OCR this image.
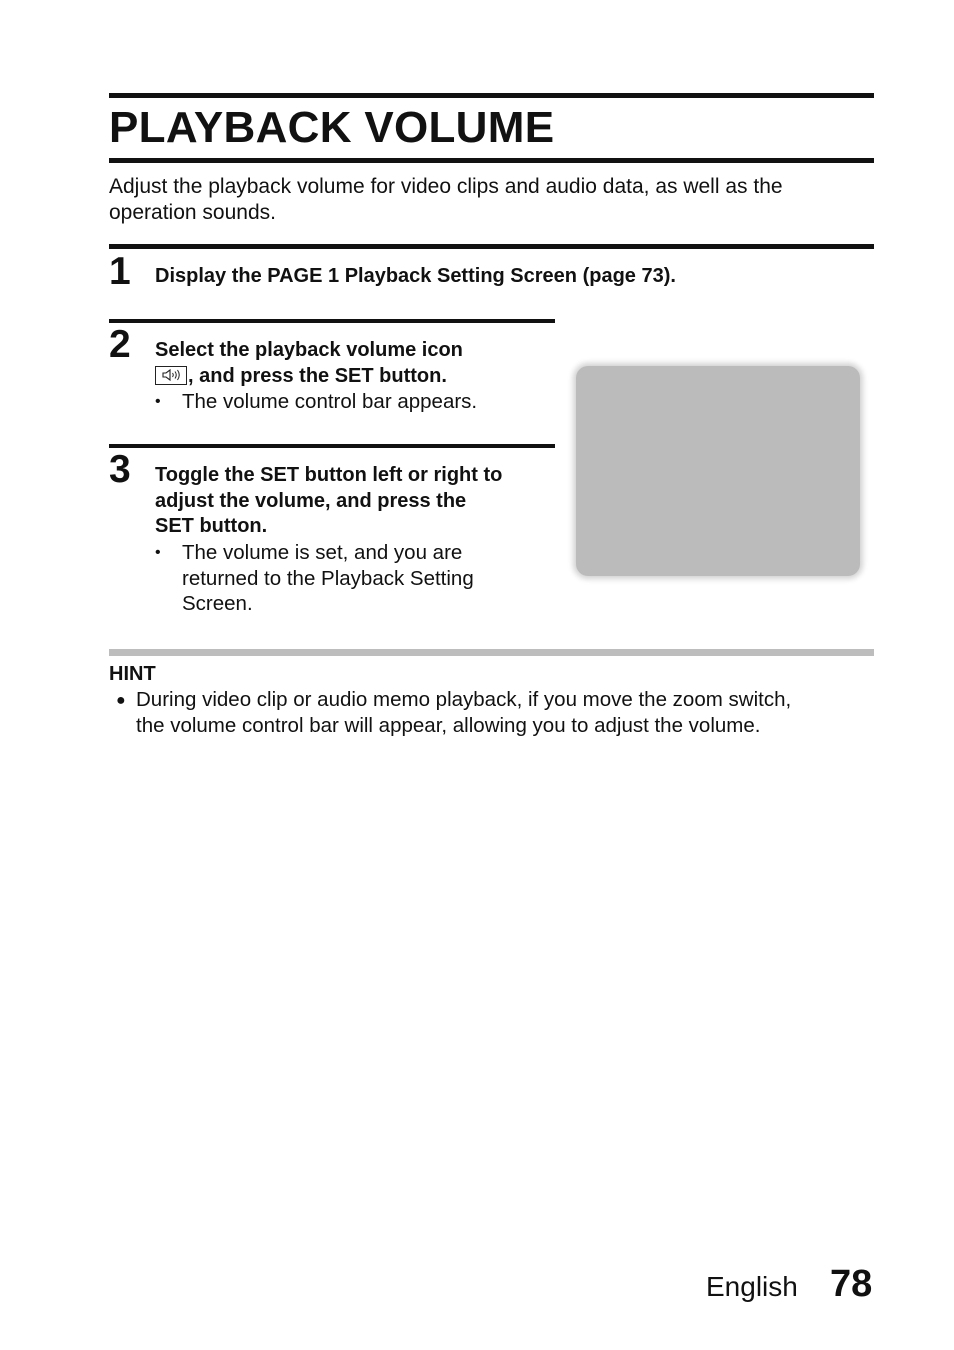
PLAYBACK VOLUME

Adjust the playback volume for video clips and audio data, as well as the operation sounds.

1 Display the PAGE 1 Playback Setting Screen (page 73).
2 Select the playback volume icon
, and press the SET button.
• The volume control bar appears.
3 Toggle the SET button left or right to
adjust the volume, and press the
SET button.
• The volume is set, and you are
returned to the Playback Setting
Screen.
HINT
● During video clip or audio memo playback, if you move the zoom switch,
the volume control bar will appear, allowing you to adjust the volume.
English 78
